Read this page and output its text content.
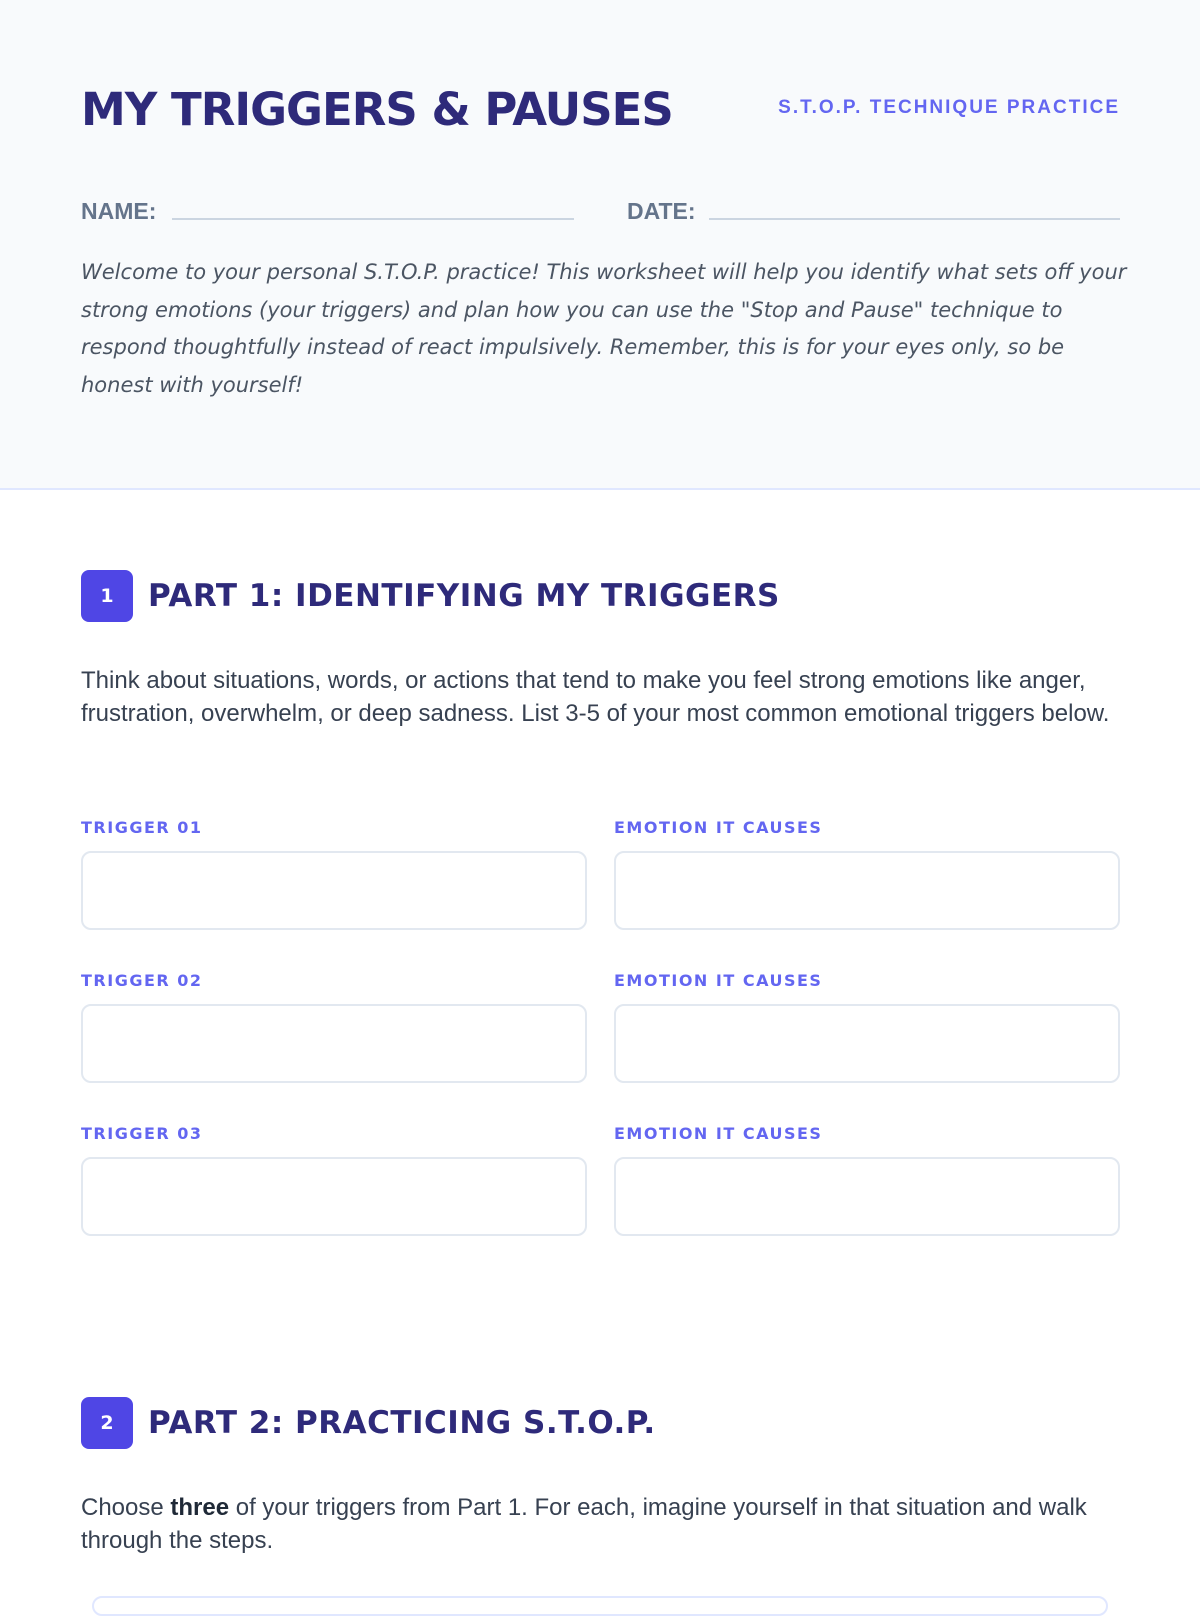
MY TRIGGERS & PAUSES	S.T.O.P. TECHNIQUE PRACTICE
NAME:	DATE:

Welcome to your personal S.T.O.P. practice! This worksheet will help you identify what sets off your strong emotions (your triggers) and plan how you can use the "Stop and Pause" technique to respond thoughtfully instead of react impulsively. Remember, this is for your eyes only, so be honest with yourself!

1	PART 1: IDENTIFYING MY TRIGGERS

Think about situations, words, or actions that tend to make you feel strong emotions like anger, frustration, overwhelm, or deep sadness. List 3-5 of your most common emotional triggers below.

TRIGGER 01	EMOTION IT CAUSES
TRIGGER 02	EMOTION IT CAUSES
TRIGGER 03	EMOTION IT CAUSES
2	PART 2: PRACTICING S.T.O.P.

Choose three of your triggers from Part 1. For each, imagine yourself in that situation and walk through the steps.
